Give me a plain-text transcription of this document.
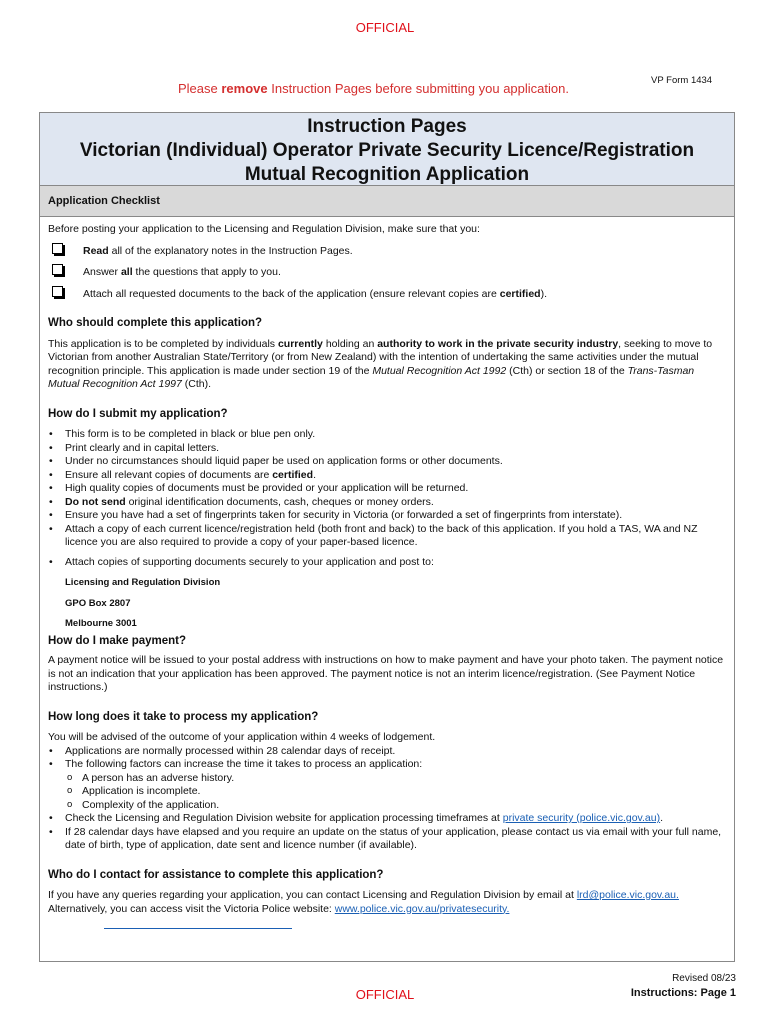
OFFICIAL
Please remove Instruction Pages before submitting you application.
VP Form 1434
Instruction Pages
Victorian (Individual) Operator Private Security Licence/Registration
Mutual Recognition Application
Application Checklist

Before posting your application to the Licensing and Regulation Division, make sure that you:

Read all of the explanatory notes in the Instruction Pages.
Answer all the questions that apply to you.
Attach all requested documents to the back of the application (ensure relevant copies are certified).
Who should complete this application?

This application is to be completed by individuals currently holding an authority to work in the private security industry, seeking to move to Victorian from another Australian State/Territory (or from New Zealand) with the intention of undertaking the same activities under the mutual recognition principle. This application is made under section 19 of the Mutual Recognition Act 1992 (Cth) or section 18 of the Trans-Tasman Mutual Recognition Act 1997 (Cth).

How do I submit my application?
• This form is to be completed in black or blue pen only.
• Print clearly and in capital letters.
• Under no circumstances should liquid paper be used on application forms or other documents.
• Ensure all relevant copies of documents are certified.
• High quality copies of documents must be provided or your application will be returned.
• Do not send original identification documents, cash, cheques or money orders.
• Ensure you have had a set of fingerprints taken for security in Victoria (or forwarded a set of fingerprints from interstate).
• Attach a copy of each current licence/registration held (both front and back) to the back of this application. If you hold a TAS, WA and NZ licence you are also required to provide a copy of your paper-based licence.
• Attach copies of supporting documents securely to your application and post to:
Licensing and Regulation Division
GPO Box 2807
Melbourne 3001
How do I make payment?

A payment notice will be issued to your postal address with instructions on how to make payment and have your photo taken. The payment notice is not an indication that your application has been approved. The payment notice is not an interim licence/registration. (See Payment Notice instructions.)

How long does it take to process my application?

You will be advised of the outcome of your application within 4 weeks of lodgement.

• Applications are normally processed within 28 calendar days of receipt.
• The following factors can increase the time it takes to process an application:
o A person has an adverse history.
o Application is incomplete.
o Complexity of the application.
• Check the Licensing and Regulation Division website for application processing timeframes at private security (police.vic.gov.au).
• If 28 calendar days have elapsed and you require an update on the status of your application, please contact us via email with your full name, date of birth, type of application, date sent and licence number (if available).
Who do I contact for assistance to complete this application?

If you have any queries regarding your application, you can contact Licensing and Regulation Division by email at lrd@police.vic.gov.au. Alternatively, you can access visit the Victoria Police website: www.police.vic.gov.au/privatesecurity.

Revised 08/23
Instructions: Page 1
OFFICIAL
